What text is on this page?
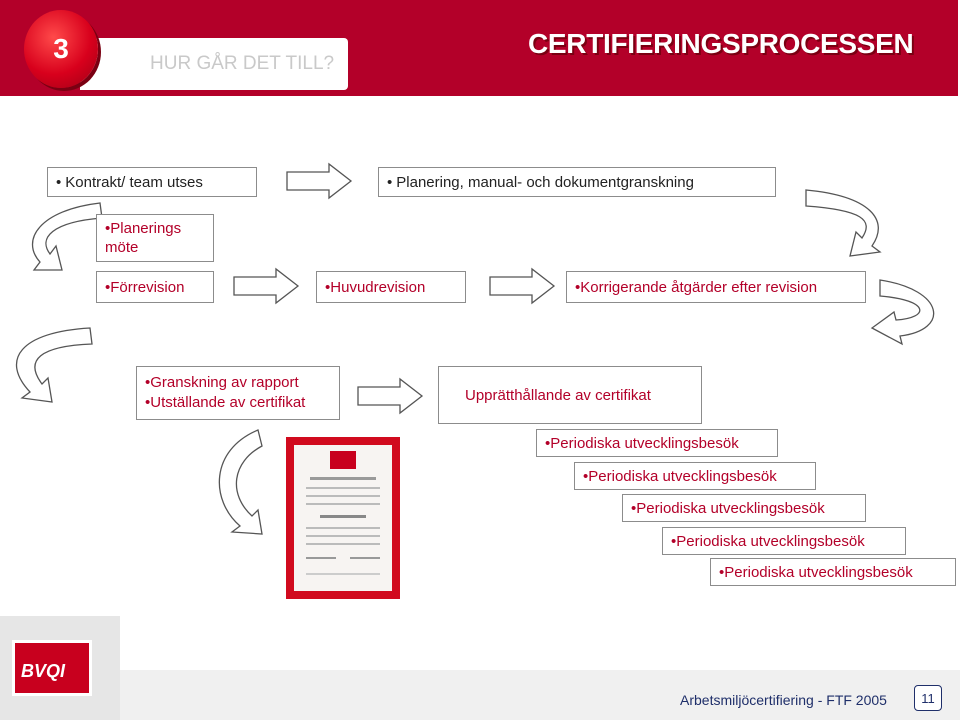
HUR GÅR DET TILL?
3	CERTIFIERINGSPROCESSEN
• Kontrakt/ team utses	• Planering, manual- och dokumentgranskning
•Planerings
möte
• Förrevision	• Huvudrevision	• Korrigerande åtgärder efter revision
•Granskning av rapport
•Utställande av certifikat	Upprätthållande av certifikat
• Periodiska utvecklingsbesök
• Periodiska utvecklingsbesök
• Periodiska utvecklingsbesök
• Periodiska utvecklingsbesök
• Periodiska utvecklingsbesök
BVQI
Arbetsmiljöcertifiering - FTF 2005	11
